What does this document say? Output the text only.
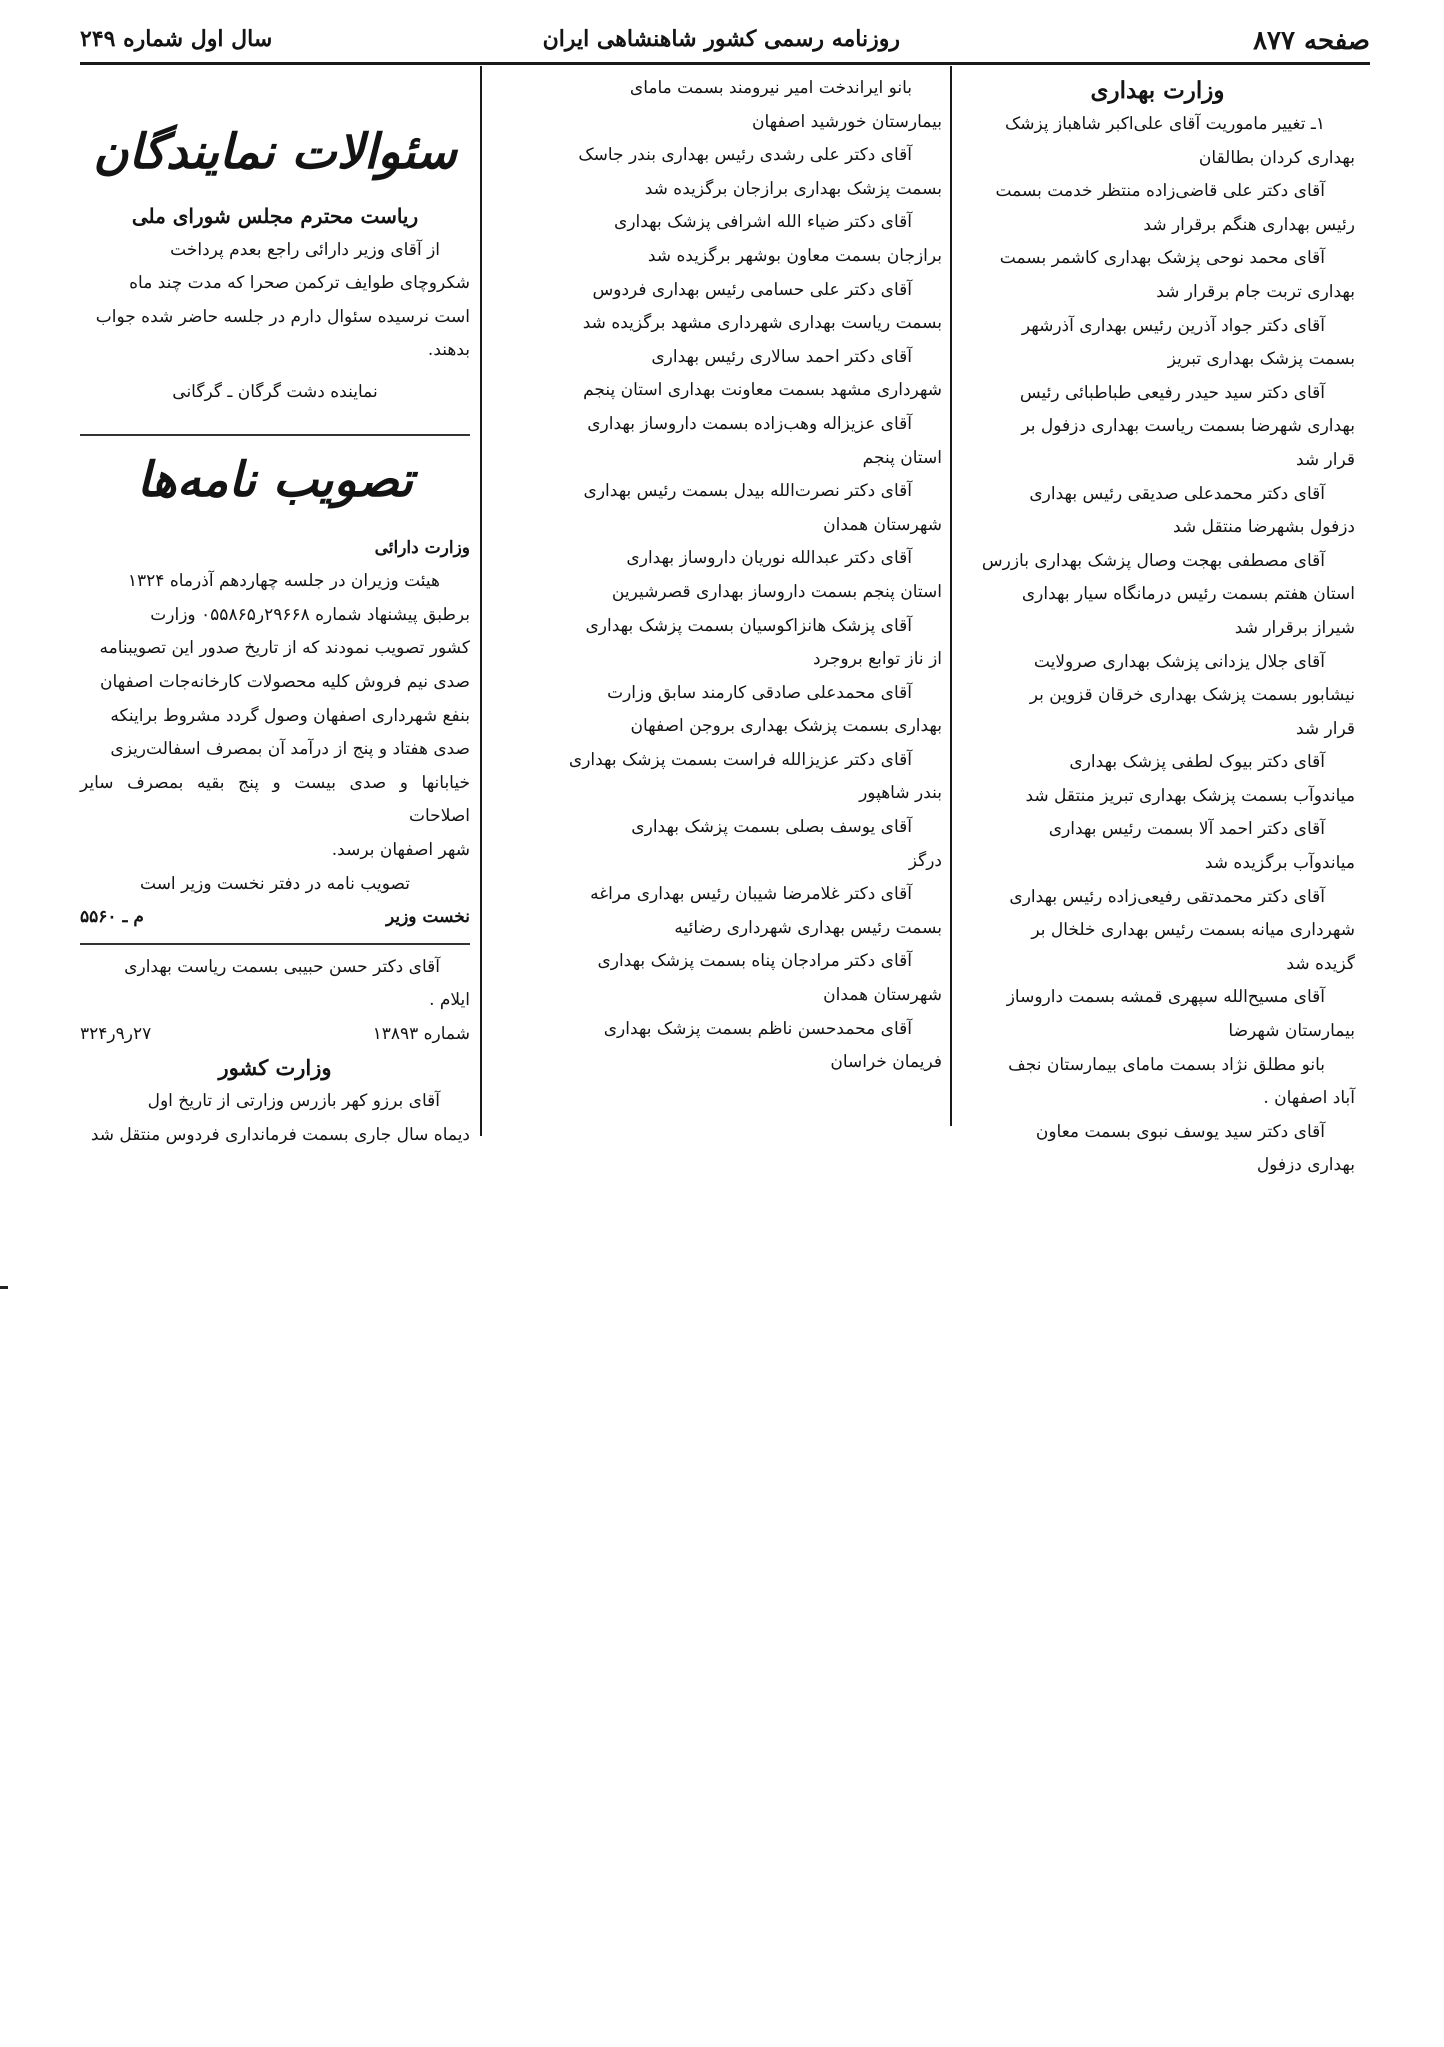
صفحه ۸۷۷
روزنامه رسمی کشور شاهنشاهی ایران
سال اول شماره ۲۴۹

وزارت بهداری

۱ـ تغییر ماموریت آقای علی‌اکبر شاهباز پزشک

بهداری کردان بطالقان

آقای دکتر علی قاضی‌زاده منتظر خدمت بسمت

رئیس بهداری هنگم برقرار شد

آقای محمد نوحی پزشک بهداری کاشمر بسمت

بهداری تربت جام برقرار شد

آقای دکتر جواد آذرین رئیس بهداری آذرشهر

بسمت پزشک بهداری تبریز

آقای دکتر سید حیدر رفیعی طباطبائی رئیس

بهداری شهرضا بسمت ریاست بهداری دزفول بر

قرار شد

آقای دکتر محمدعلی صدیقی رئیس بهداری

دزفول بشهرضا منتقل شد

آقای مصطفی بهجت وصال پزشک بهداری بازرس

استان هفتم بسمت رئیس درمانگاه سیار بهداری

شیراز برقرار شد

آقای جلال یزدانی پزشک بهداری صرولایت

نیشابور بسمت پزشک بهداری خرقان قزوین بر

قرار شد

آقای دکتر بیوک لطفی پزشک بهداری

میاندوآب بسمت پزشک بهداری تبریز منتقل شد

آقای دکتر احمد آلا بسمت رئیس بهداری

میاندوآب برگزیده شد

آقای دکتر محمدتقی رفیعی‌زاده رئیس بهداری

شهرداری میانه بسمت رئیس بهداری خلخال بر

گزیده شد

آقای مسیح‌الله سپهری قمشه بسمت داروساز

بیمارستان شهرضا

بانو مطلق نژاد بسمت مامای بیمارستان نجف

آباد اصفهان .

آقای دکتر سید یوسف نبوی بسمت معاون

بهداری دزفول

بانو ایراندخت امیر نیرومند بسمت مامای

بیمارستان خورشید اصفهان

آقای دکتر علی رشدی رئیس بهداری بندر جاسک

بسمت پزشک بهداری برازجان برگزیده شد

آقای دکتر ضیاء الله اشرافی پزشک بهداری

برازجان بسمت معاون بوشهر برگزیده شد

آقای دکتر علی حسامی رئیس بهداری فردوس

بسمت ریاست بهداری شهرداری مشهد برگزیده شد

آقای دکتر احمد سالاری رئیس بهداری

شهرداری مشهد بسمت معاونت بهداری استان پنجم

آقای عزیزاله وهب‌زاده بسمت داروساز بهداری

استان پنجم

آقای دکتر نصرت‌الله بیدل بسمت رئیس بهداری

شهرستان همدان

آقای دکتر عبدالله نوریان داروساز بهداری

استان پنجم بسمت داروساز بهداری قصرشیرین

آقای پزشک هانزاکوسیان بسمت پزشک بهداری

از ناز توابع بروجرد

آقای محمدعلی صادقی کارمند سابق وزارت

بهداری بسمت پزشک بهداری بروجن اصفهان

آقای دکتر عزیزالله فراست بسمت پزشک بهداری

بندر شاهپور

آقای یوسف بصلی بسمت پزشک بهداری

درگز

آقای دکتر غلامرضا شیبان رئیس بهداری مراغه

بسمت رئیس بهداری شهرداری رضائیه

آقای دکتر مرادجان پناه بسمت پزشک بهداری

شهرستان همدان

آقای محمدحسن ناظم بسمت پزشک بهداری

فریمان خراسان

سئوالات نمایندگان

ریاست محترم مجلس شورای ملی

از آقای وزیر دارائی راجع بعدم پرداخت

شکروچای طوایف ترکمن صحرا که مدت چند ماه

است نرسیده سئوال دارم در جلسه حاضر شده جواب

بدهند.

نماینده دشت گرگان ـ گرگانی

تصویب نامه‌ها

وزارت دارائی

هیئت وزیران در جلسه چهاردهم آذرماه ۱۳۲۴

برطبق پیشنهاد شماره ۲۹۶۶۸ر۰۵۵۸۶۵ وزارت

کشور تصویب نمودند که از تاریخ صدور این تصویبنامه

صدی نیم فروش کلیه محصولات کارخانه‌جات اصفهان

بنفع شهرداری اصفهان وصول گردد مشروط براینکه

صدی هفتاد و پنج از درآمد آن بمصرف اسفالت‌ریزی

خیابانها و صدی بیست و پنج بقیه بمصرف سایر اصلاحات

شهر اصفهان برسد.

تصویب نامه در دفتر نخست وزیر است

نخست وزیر
م ـ ۵۵۶۰

آقای دکتر حسن حبیبی بسمت ریاست بهداری

ایلام .

شماره ۱۳۸۹۳
۲۷ر۹ر۳۲۴

وزارت کشور

آقای برزو کهر بازرس وزارتی از تاریخ اول

دیماه سال جاری بسمت فرمانداری فردوس منتقل شد
